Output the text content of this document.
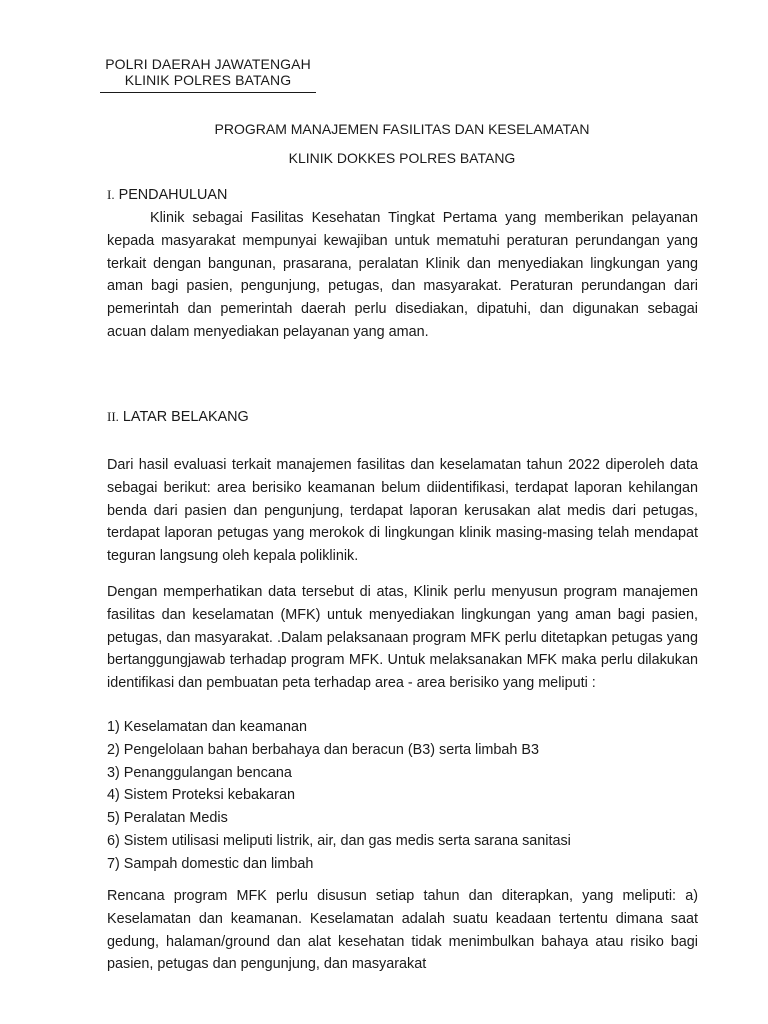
POLRI DAERAH JAWATENGAH
KLINIK POLRES BATANG
PROGRAM MANAJEMEN FASILITAS DAN KESELAMATAN
KLINIK DOKKES POLRES BATANG
I. PENDAHULUAN

Klinik sebagai Fasilitas Kesehatan Tingkat Pertama yang memberikan pelayanan kepada masyarakat mempunyai kewajiban untuk mematuhi peraturan perundangan yang terkait dengan bangunan, prasarana, peralatan Klinik dan menyediakan lingkungan yang aman bagi pasien, pengunjung, petugas, dan masyarakat. Peraturan perundangan dari pemerintah dan pemerintah daerah perlu disediakan, dipatuhi, dan digunakan sebagai acuan dalam menyediakan pelayanan yang aman.

II. LATAR BELAKANG

Dari hasil evaluasi terkait manajemen fasilitas dan keselamatan tahun 2022 diperoleh data sebagai berikut: area berisiko keamanan belum diidentifikasi, terdapat laporan kehilangan benda dari pasien dan pengunjung, terdapat laporan kerusakan alat medis dari petugas, terdapat laporan petugas yang merokok di lingkungan klinik masing-masing telah mendapat teguran langsung oleh kepala poliklinik.

Dengan memperhatikan data tersebut di atas, Klinik perlu menyusun program manajemen fasilitas dan keselamatan (MFK) untuk menyediakan lingkungan yang aman bagi pasien, petugas, dan masyarakat. .Dalam pelaksanaan program MFK perlu ditetapkan petugas yang bertanggungjawab terhadap program MFK. Untuk melaksanakan MFK maka perlu dilakukan identifikasi dan pembuatan peta terhadap area - area berisiko yang meliputi :

1) Keselamatan dan keamanan
2) Pengelolaan bahan berbahaya dan beracun (B3) serta limbah B3
3) Penanggulangan bencana
4) Sistem Proteksi kebakaran
5) Peralatan Medis
6) Sistem utilisasi meliputi listrik, air, dan gas medis serta sarana sanitasi
7) Sampah domestic dan limbah

Rencana program MFK perlu disusun setiap tahun dan diterapkan, yang meliputi: a) Keselamatan dan keamanan. Keselamatan adalah suatu keadaan tertentu dimana saat gedung, halaman/ground dan alat kesehatan tidak menimbulkan bahaya atau risiko bagi pasien, petugas dan pengunjung, dan masyarakat
